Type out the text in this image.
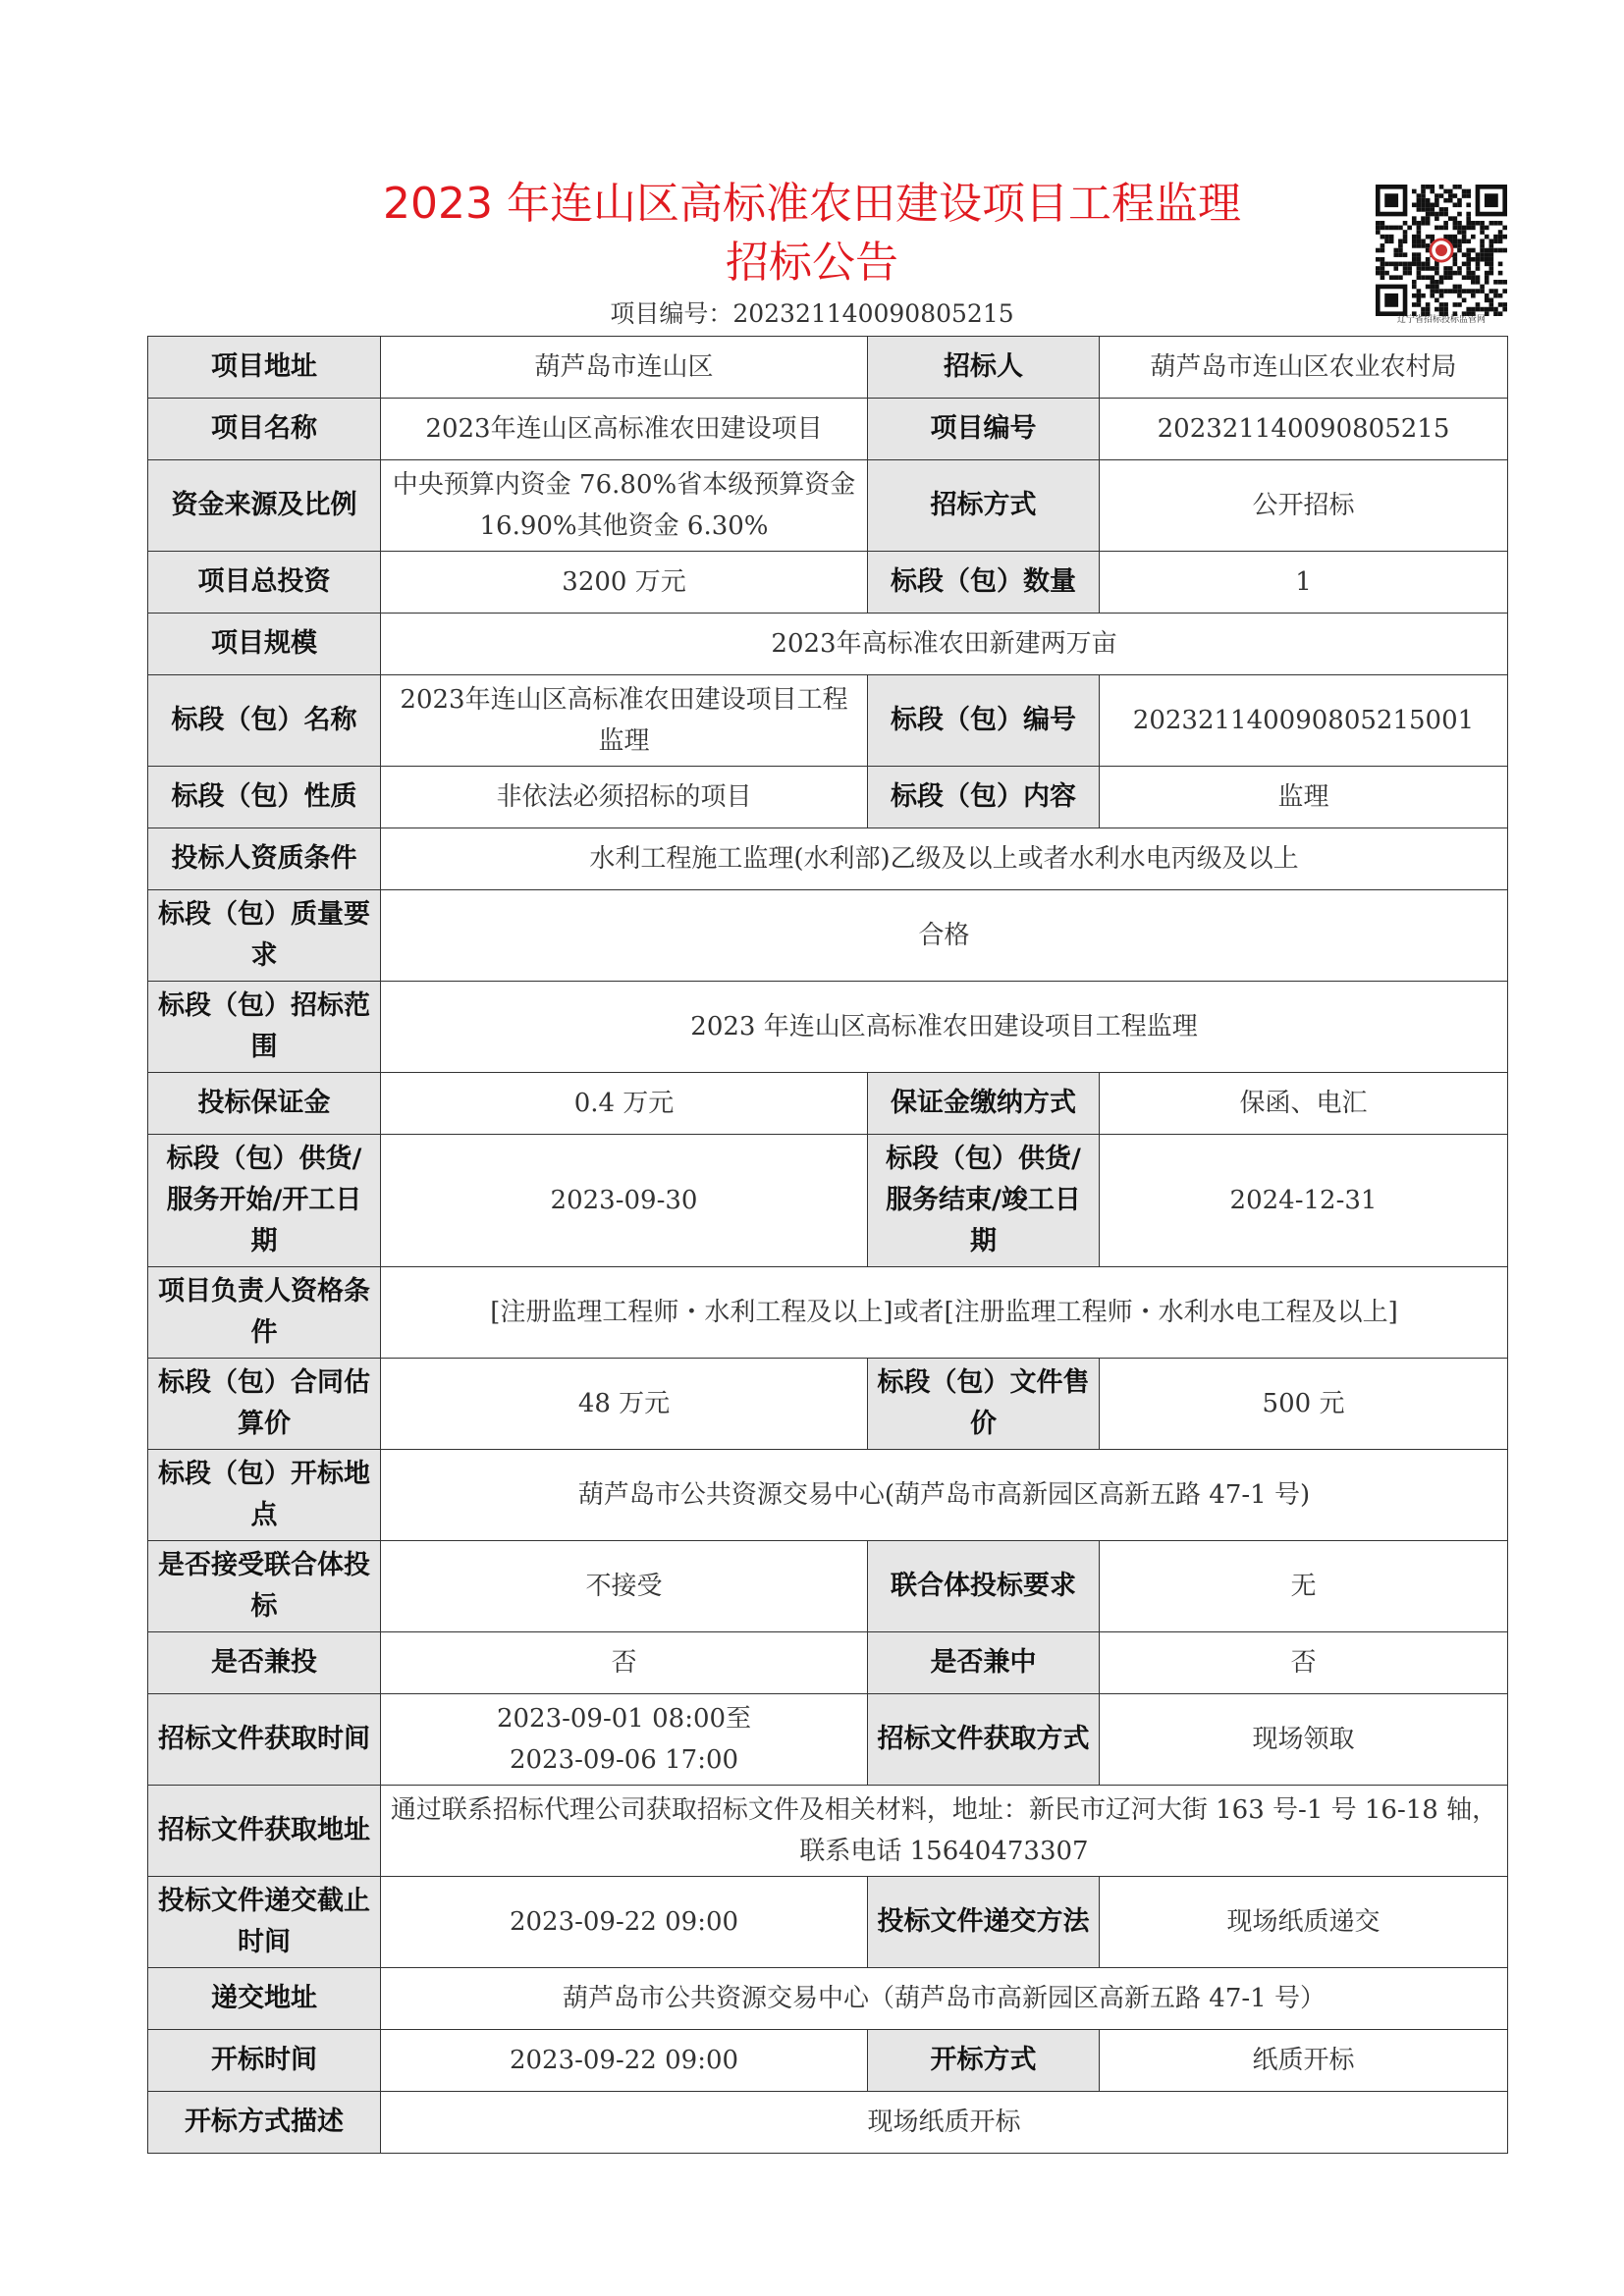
2023 年连山区高标准农田建设项目工程监理
招标公告
项目编号：202321140090805215	辽宁省招标投标监管网
项目地址	葫芦岛市连山区	招标人	葫芦岛市连山区农业农村局
项目名称	2023年连山区高标准农田建设项目	项目编号	202321140090805215
资金来源及比例	中央预算内资金 76.80%省本级预算资金 16.90%其他资金 6.30%	招标方式	公开招标
项目总投资	3200 万元	标段（包）数量	1
项目规模	2023年高标准农田新建两万亩		
标段（包）名称	2023年连山区高标准农田建设项目工程监理	标段（包）编号	202321140090805215001
标段（包）性质	非依法必须招标的项目	标段（包）内容	监理
投标人资质条件	水利工程施工监理(水利部)乙级及以上或者水利水电丙级及以上		
标段（包）质量要求	合格		
标段（包）招标范围	2023 年连山区高标准农田建设项目工程监理		
投标保证金	0.4 万元	保证金缴纳方式	保函、电汇
标段（包）供货/服务开始/开工日期	2023-09-30	标段（包）供货/服务结束/竣工日期	2024-12-31
项目负责人资格条件	[注册监理工程师・水利工程及以上]或者[注册监理工程师・水利水电工程及以上]		
标段（包）合同估算价	48 万元	标段（包）文件售价	500 元
标段（包）开标地点	葫芦岛市公共资源交易中心(葫芦岛市高新园区高新五路 47-1 号)		
是否接受联合体投标	不接受	联合体投标要求	无
是否兼投	否	是否兼中	否
招标文件获取时间	2023-09-01 08:00至
2023-09-06 17:00	招标文件获取方式	现场领取
招标文件获取地址	通过联系招标代理公司获取招标文件及相关材料，地址：新民市辽河大街 163 号-1 号 16-18 轴，联系电话 15640473307		
投标文件递交截止时间	2023-09-22 09:00	投标文件递交方法	现场纸质递交
递交地址	葫芦岛市公共资源交易中心（葫芦岛市高新园区高新五路 47-1 号）		
开标时间	2023-09-22 09:00	开标方式	纸质开标
开标方式描述	现场纸质开标		
